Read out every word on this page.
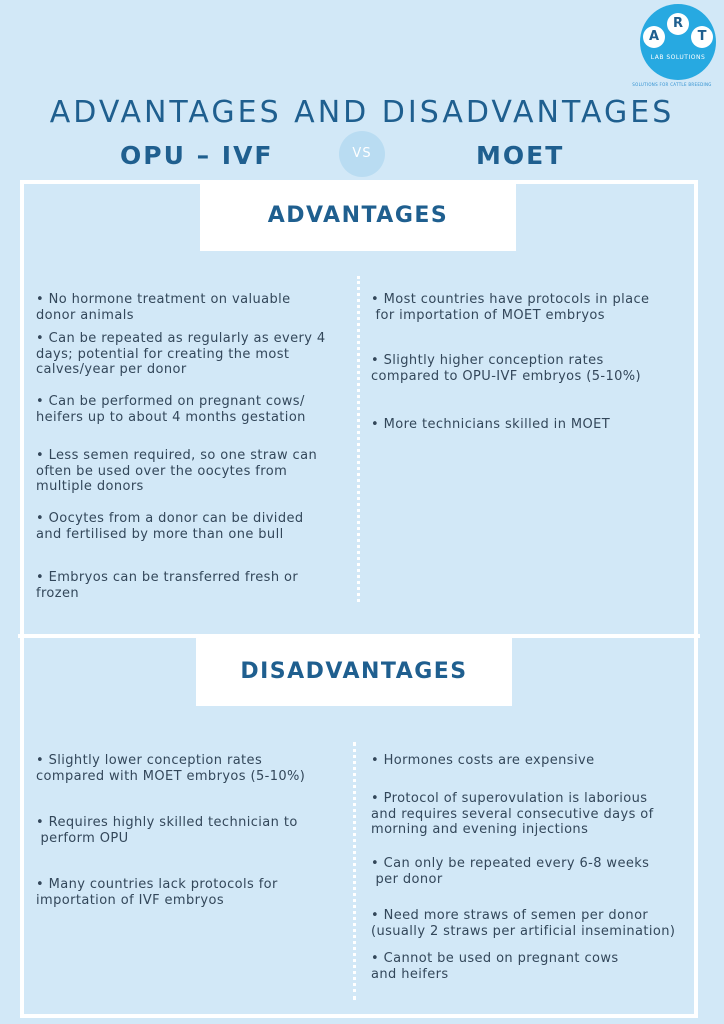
A
R
T
LAB SOLUTIONS
SOLUTIONS FOR CATTLE BREEDING
ADVANTAGES AND DISADVANTAGES
OPU – IVF	VS	MOET
ADVANTAGES
• No hormone treatment on valuable
donor animals
• Can be repeated as regularly as every 4
days; potential for creating the most
calves/year per donor
• Can be performed on pregnant cows/
heifers up to about 4 months gestation
• Less semen required, so one straw can
often be used over the oocytes from
multiple donors
• Oocytes from a donor can be divided
and fertilised by more than one bull
• Embryos can be transferred fresh or
frozen
• Most countries have protocols in place
for importation of MOET embryos
• Slightly higher conception rates
compared to OPU-IVF embryos (5-10%)
• More technicians skilled in MOET
DISADVANTAGES
• Slightly lower conception rates
compared with MOET embryos (5-10%)
• Requires highly skilled technician to
perform OPU
• Many countries lack protocols for
importation of IVF embryos
• Hormones costs are expensive
• Protocol of superovulation is laborious
and requires several consecutive days of
morning and evening injections
• Can only be repeated every 6-8 weeks
per donor
• Need more straws of semen per donor
(usually 2 straws per artificial insemination)
• Cannot be used on pregnant cows
and heifers
